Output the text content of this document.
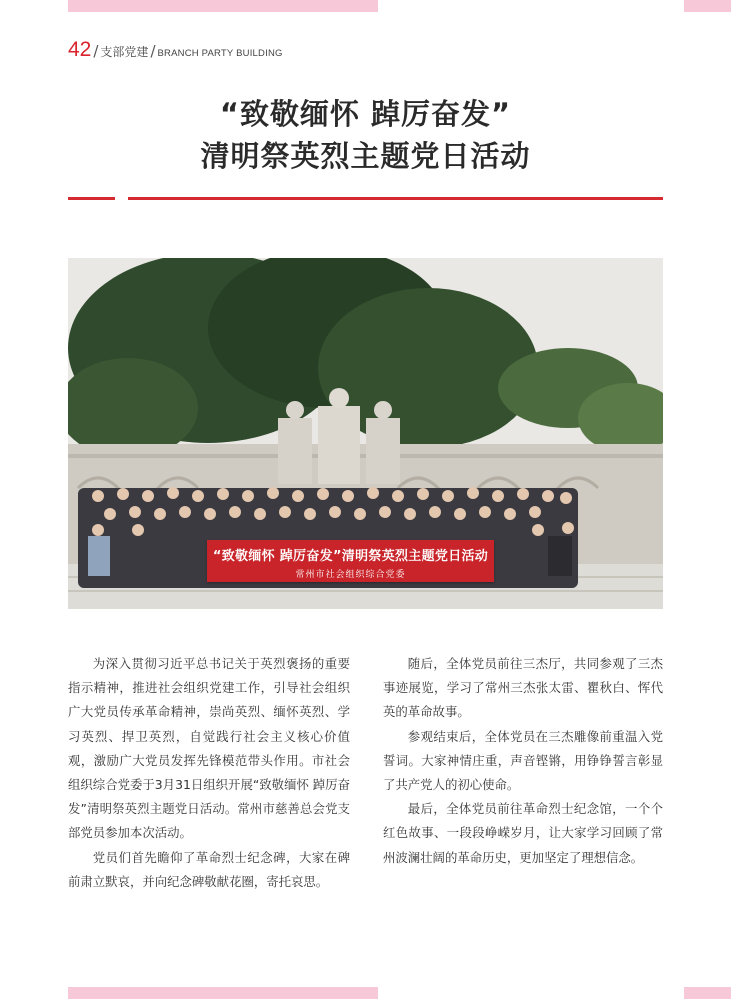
42 / 支部党建 / BRANCH PARTY BUILDING
“致敬缅怀 踔厉奋发”
清明祭英烈主题党日活动
“致敬缅怀 踔厉奋发”清明祭英烈主题党日活动
常州市社会组织综合党委

为深入贯彻习近平总书记关于英烈褒扬的重要指示精神，推进社会组织党建工作，引导社会组织广大党员传承革命精神，崇尚英烈、缅怀英烈、学习英烈、捍卫英烈，自觉践行社会主义核心价值观，激励广大党员发挥先锋模范带头作用。市社会组织综合党委于3月31日组织开展“致敬缅怀 踔厉奋发”清明祭英烈主题党日活动。常州市慈善总会党支部党员参加本次活动。

党员们首先瞻仰了革命烈士纪念碑，大家在碑前肃立默哀，并向纪念碑敬献花圈，寄托哀思。

随后，全体党员前往三杰厅，共同参观了三杰事迹展览，学习了常州三杰张太雷、瞿秋白、恽代英的革命故事。

参观结束后，全体党员在三杰雕像前重温入党誓词。大家神情庄重，声音铿锵，用铮铮誓言彰显了共产党人的初心使命。

最后，全体党员前往革命烈士纪念馆，一个个红色故事、一段段峥嵘岁月，让大家学习回顾了常州波澜壮阔的革命历史，更加坚定了理想信念。
